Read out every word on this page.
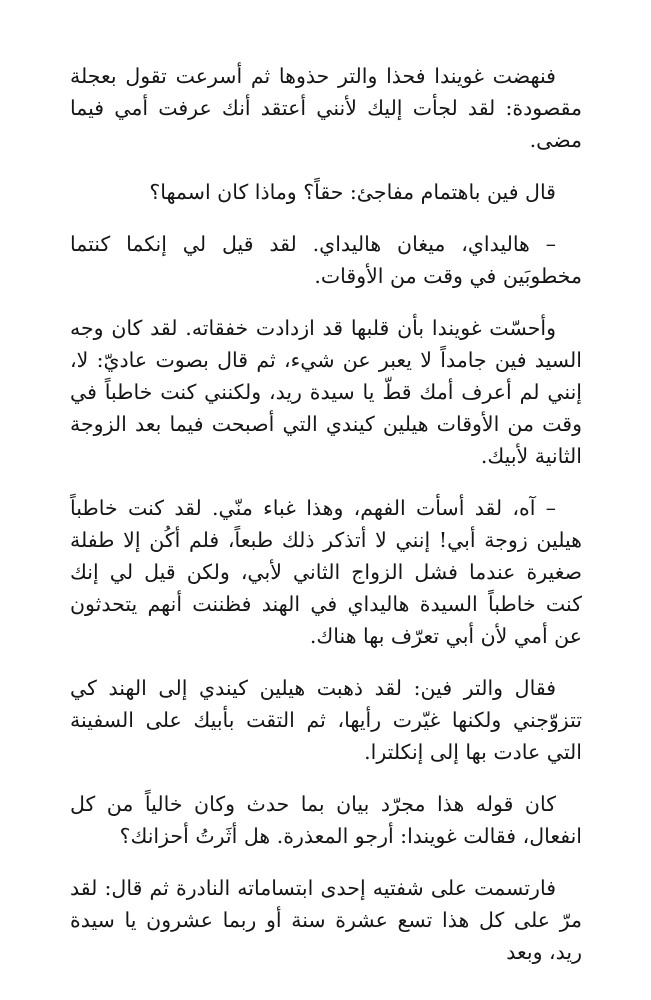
فنهضت غويندا فحذا والتر حذوها ثم أسرعت تقول بعجلة مقصودة: لقد لجأت إليك لأنني أعتقد أنك عرفت أمي فيما مضى.

قال فين باهتمام مفاجئ: حقاً؟ وماذا كان اسمها؟

– هاليداي، ميغان هاليداي. لقد قيل لي إنكما كنتما مخطوبَين في وقت من الأوقات.

وأحسّت غويندا بأن قلبها قد ازدادت خفقاته. لقد كان وجه السيد فين جامداً لا يعبر عن شيء، ثم قال بصوت عاديّ: لا، إنني لم أعرف أمك قطّ يا سيدة ريد، ولكنني كنت خاطباً في وقت من الأوقات هيلين كيندي التي أصبحت فيما بعد الزوجة الثانية لأبيك.

– آه، لقد أسأت الفهم، وهذا غباء منّي. لقد كنت خاطباً هيلين زوجة أبي! إنني لا أتذكر ذلك طبعاً، فلم أكُن إلا طفلة صغيرة عندما فشل الزواج الثاني لأبي، ولكن قيل لي إنك كنت خاطباً السيدة هاليداي في الهند فظننت أنهم يتحدثون عن أمي لأن أبي تعرّف بها هناك.

فقال والتر فين: لقد ذهبت هيلين كيندي إلى الهند كي تتزوّجني ولكنها غيّرت رأيها، ثم التقت بأبيك على السفينة التي عادت بها إلى إنكلترا.

كان قوله هذا مجرّد بيان بما حدث وكان خالياً من كل انفعال، فقالت غويندا: أرجو المعذرة. هل أثَرتُ أحزانك؟

فارتسمت على شفتيه إحدى ابتساماته النادرة ثم قال: لقد مرّ على كل هذا تسع عشرة سنة أو ربما عشرون يا سيدة ريد، وبعد
